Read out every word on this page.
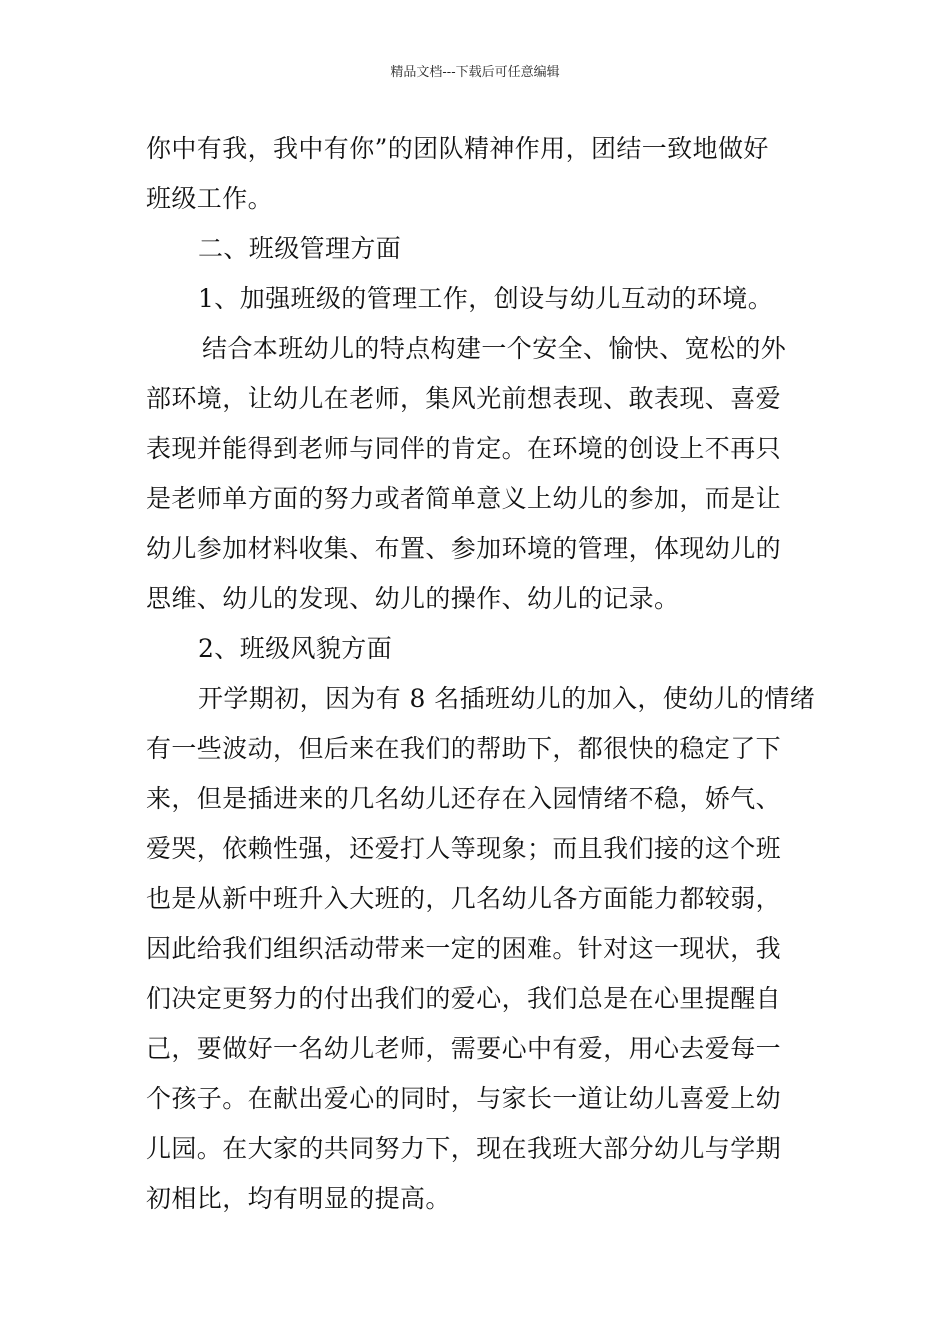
精品文档---下载后可任意编辑
你中有我，我中有你”的团队精神作用，团结一致地做好
班级工作。
二、班级管理方面
1、加强班级的管理工作，创设与幼儿互动的环境。
结合本班幼儿的特点构建一个安全、愉快、宽松的外
部环境，让幼儿在老师，集风光前想表现、敢表现、喜爱
表现并能得到老师与同伴的肯定。在环境的创设上不再只
是老师单方面的努力或者简单意义上幼儿的参加，而是让
幼儿参加材料收集、布置、参加环境的管理，体现幼儿的
思维、幼儿的发现、幼儿的操作、幼儿的记录。
2、班级风貌方面
开学期初，因为有 8 名插班幼儿的加入，使幼儿的情绪
有一些波动，但后来在我们的帮助下，都很快的稳定了下
来，但是插进来的几名幼儿还存在入园情绪不稳，娇气、
爱哭，依赖性强，还爱打人等现象；而且我们接的这个班
也是从新中班升入大班的，几名幼儿各方面能力都较弱，
因此给我们组织活动带来一定的困难。针对这一现状，我
们决定更努力的付出我们的爱心，我们总是在心里提醒自
己，要做好一名幼儿老师，需要心中有爱，用心去爱每一
个孩子。在献出爱心的同时，与家长一道让幼儿喜爱上幼
儿园。在大家的共同努力下，现在我班大部分幼儿与学期
初相比，均有明显的提高。
